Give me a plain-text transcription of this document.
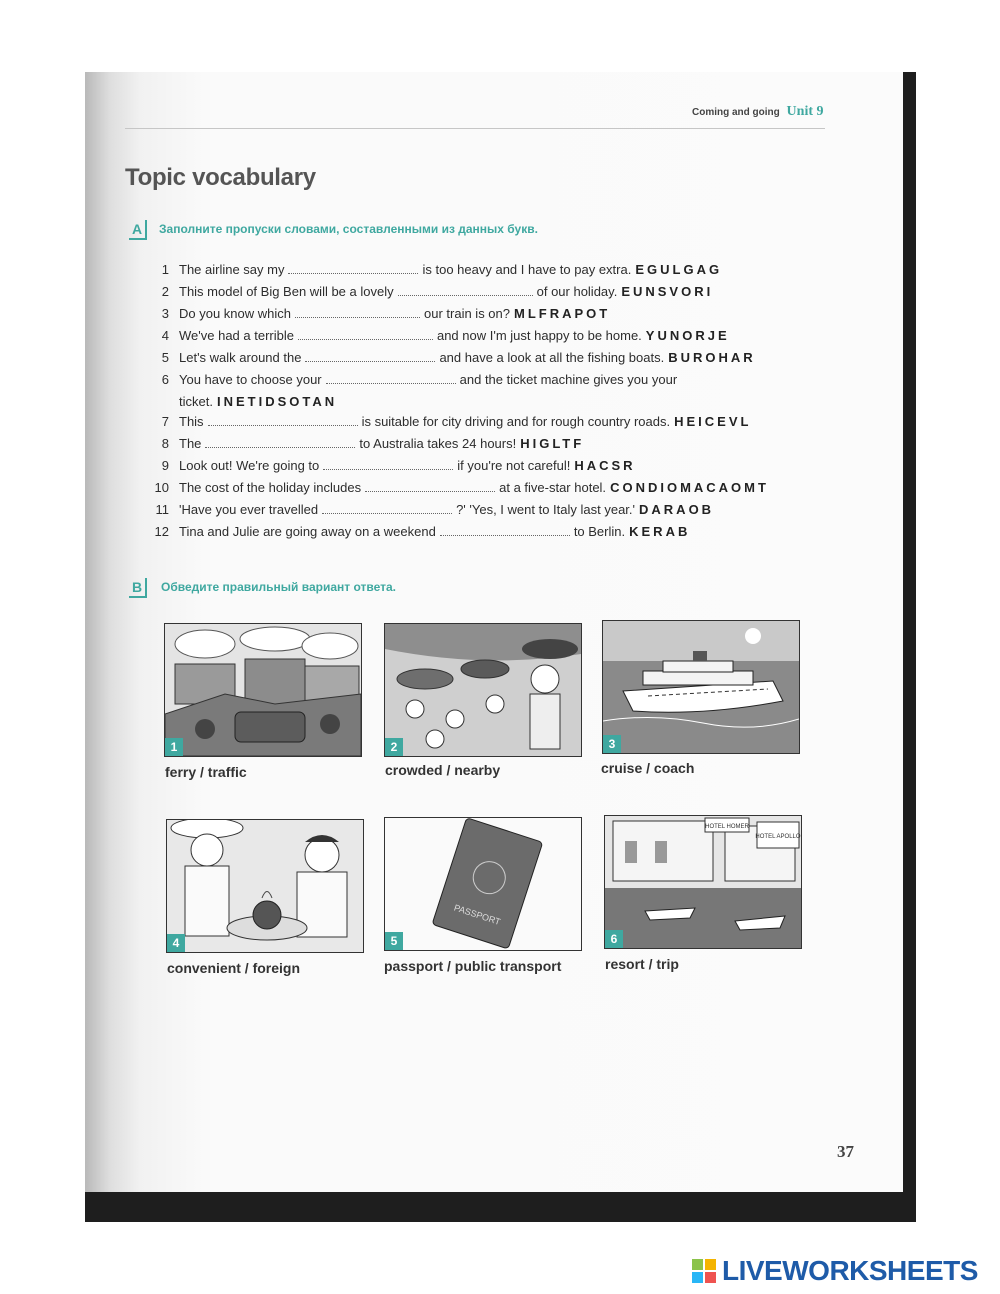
Coming and going Unit 9
Topic vocabulary
A	Заполните пропуски словами, составленными из данных букв.
1 The airline say my	is too heavy and I have to pay extra. EGULGAG
2 This model of Big Ben will be a lovely	of our holiday. EUNSVORI
3 Do you know which	our train is on? MLFRAPOT
4 We've had a terrible	and now I'm just happy to be home. YUNORJE
5 Let's walk around the	and have a look at all the fishing boats. BUROHAR
6 You have to choose your	and the ticket machine gives you your
ticket. INETIDSOTAN
7 This	is suitable for city driving and for rough country roads. HEICEVL
8 The	to Australia takes 24 hours! HIGLTF
9 Look out! We're going to	if you're not careful! HACSR
10 The cost of the holiday includes	at a five-star hotel. CONDIOMACAOMT
11 'Have you ever travelled	?' 'Yes, I went to Italy last year.' DARAOB
12 Tina and Julie are going away on a weekend	to Berlin. KERAB
B	Обведите правильный вариант ответа.
1
ferry / traffic
2
crowded / nearby
3
cruise / coach
4
convenient / foreign
PASSPORT
5
passport / public transport
HOTEL HOMER
HOTEL APOLLO
6
resort / trip
37
LIVEWORKSHEETS
